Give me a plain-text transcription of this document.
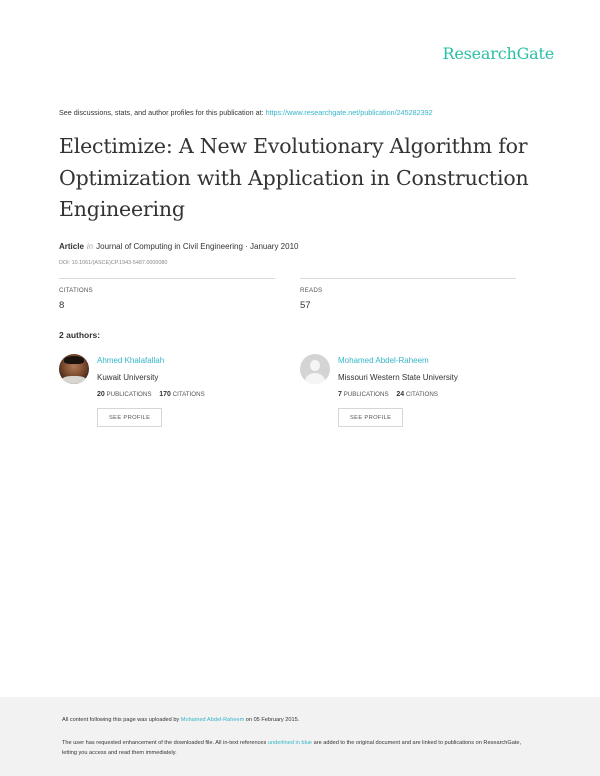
ResearchGate
See discussions, stats, and author profiles for this publication at: https://www.researchgate.net/publication/245282392
Electimize: A New Evolutionary Algorithm for Optimization with Application in Construction Engineering
Article in Journal of Computing in Civil Engineering · January 2010
DOI: 10.1061/(ASCE)CP.1943-5487.0000080
CITATIONS
8
READS
57
2 authors:
Ahmed Khalafallah
Kuwait University
20 PUBLICATIONS 170 CITATIONS
SEE PROFILE
Mohamed Abdel-Raheem
Missouri Western State University
7 PUBLICATIONS 24 CITATIONS
SEE PROFILE
All content following this page was uploaded by Mohamed Abdel-Raheem on 05 February 2015.
The user has requested enhancement of the downloaded file. All in-text references underlined in blue are added to the original document and are linked to publications on ResearchGate, letting you access and read them immediately.
